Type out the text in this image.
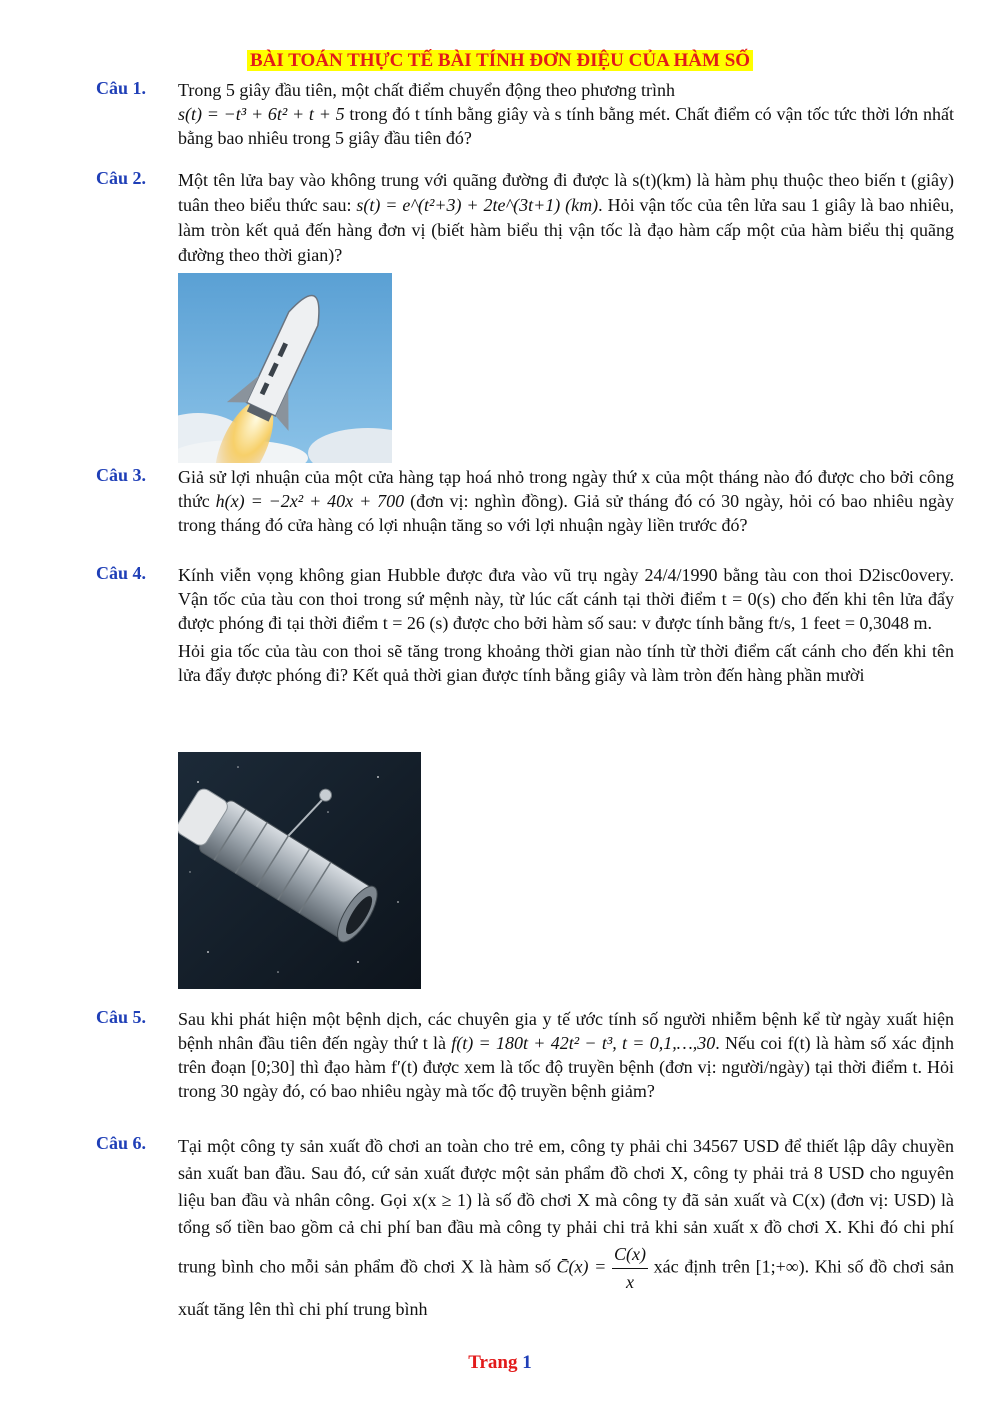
BÀI TOÁN THỰC TẾ BÀI TÍNH ĐƠN ĐIỆU CỦA HÀM SỐ
Câu 1. Trong 5 giây đầu tiên, một chất điểm chuyển động theo phương trình
s(t) = −t³ + 6t² + t + 5 trong đó t tính bằng giây và s tính bằng mét. Chất điểm có vận tốc tức thời lớn nhất bằng bao nhiêu trong 5 giây đầu tiên đó?

Câu 2. Một tên lửa bay vào không trung với quãng đường đi được là s(t)(km) là hàm phụ thuộc theo biến t (giây) tuân theo biểu thức sau: s(t) = e^(t²+3) + 2te^(3t+1) (km). Hỏi vận tốc của tên lửa sau 1 giây là bao nhiêu, làm tròn kết quả đến hàng đơn vị (biết hàm biểu thị vận tốc là đạo hàm cấp một của hàm biểu thị quãng đường theo thời gian)?

Câu 3. Giả sử lợi nhuận của một cửa hàng tạp hoá nhỏ trong ngày thứ x của một tháng nào đó được cho bởi công thức h(x) = −2x² + 40x + 700 (đơn vị: nghìn đồng). Giả sử tháng đó có 30 ngày, hỏi có bao nhiêu ngày trong tháng đó cửa hàng có lợi nhuận tăng so với lợi nhuận ngày liền trước đó?

Câu 4. Kính viễn vọng không gian Hubble được đưa vào vũ trụ ngày 24/4/1990 bằng tàu con thoi D2isc0overy. Vận tốc của tàu con thoi trong sứ mệnh này, từ lúc cất cánh tại thời điểm t = 0(s) cho đến khi tên lửa đẩy được phóng đi tại thời điểm t = 26 (s) được cho bởi hàm số sau: v được tính bằng ft/s, 1 feet = 0,3048 m.

Hỏi gia tốc của tàu con thoi sẽ tăng trong khoảng thời gian nào tính từ thời điểm cất cánh cho đến khi tên lửa đẩy được phóng đi? Kết quả thời gian được tính bằng giây và làm tròn đến hàng phần mười

Câu 5. Sau khi phát hiện một bệnh dịch, các chuyên gia y tế ước tính số người nhiễm bệnh kể từ ngày xuất hiện bệnh nhân đầu tiên đến ngày thứ t là f(t) = 180t + 42t² − t³, t = 0,1,…,30. Nếu coi f(t) là hàm số xác định trên đoạn [0;30] thì đạo hàm f′(t) được xem là tốc độ truyền bệnh (đơn vị: người/ngày) tại thời điểm t. Hỏi trong 30 ngày đó, có bao nhiêu ngày mà tốc độ truyền bệnh giảm?

Câu 6. Tại một công ty sản xuất đồ chơi an toàn cho trẻ em, công ty phải chi 34567 USD để thiết lập dây chuyền sản xuất ban đầu. Sau đó, cứ sản xuất được một sản phẩm đồ chơi X, công ty phải trả 8 USD cho nguyên liệu ban đầu và nhân công. Gọi x(x ≥ 1) là số đồ chơi X mà công ty đã sản xuất và C(x) (đơn vị: USD) là tổng số tiền bao gồm cả chi phí ban đầu mà công ty phải chi trả khi sản xuất x đồ chơi X. Khi đó chi phí trung bình cho mỗi sản phẩm đồ chơi X là hàm số C̄(x) = $\frac{C(x)}{x}$ xác định trên [1;+∞). Khi số đồ chơi sản xuất tăng lên thì chi phí trung bình

Trang 1
